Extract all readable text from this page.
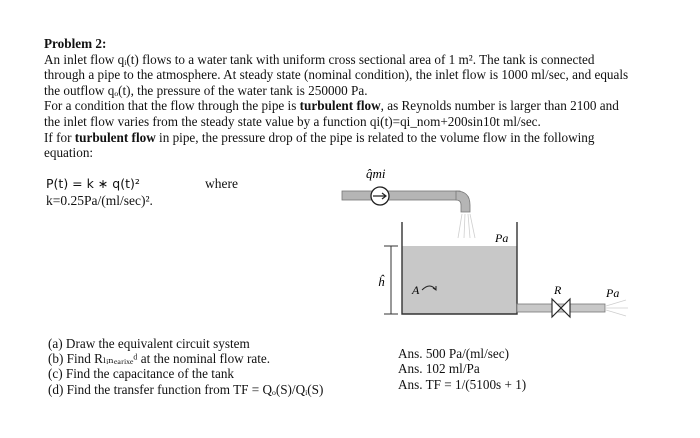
Problem 2:
An inlet flow qᵢ(t) flows to a water tank with uniform cross sectional area of 1 m². The tank is connected
through a pipe to the atmosphere. At steady state (nominal condition), the inlet flow is 1000 ml/sec, and equals
the outflow qₒ(t), the pressure of the water tank is 250000 Pa.
For a condition that the flow through the pipe is turbulent flow, as Reynolds number is larger than 2100 and
the inlet flow varies from the steady state value by a function qi(t)=qi_nom+200sin10t ml/sec.
If for turbulent flow in pipe, the pressure drop of the pipe is related to the volume flow in the following
equation:
P(t) = k ∗ q(t)²	where
k=0.25Pa/(ml/sec)².
(a) Draw the equivalent circuit system
(b) Find Rₗᵢₙₑₐᵣᵢₓₑᵈ at the nominal flow rate.
(c) Find the capacitance of the tank
(d) Find the transfer function from TF = Qₒ(S)/Qᵢ(S)
Ans. 500 Pa/(ml/sec)
Ans. 102 ml/Pa
Ans. TF = 1/(5100s + 1)
q̂mi
Pa
ĥ
A	R	Pa
